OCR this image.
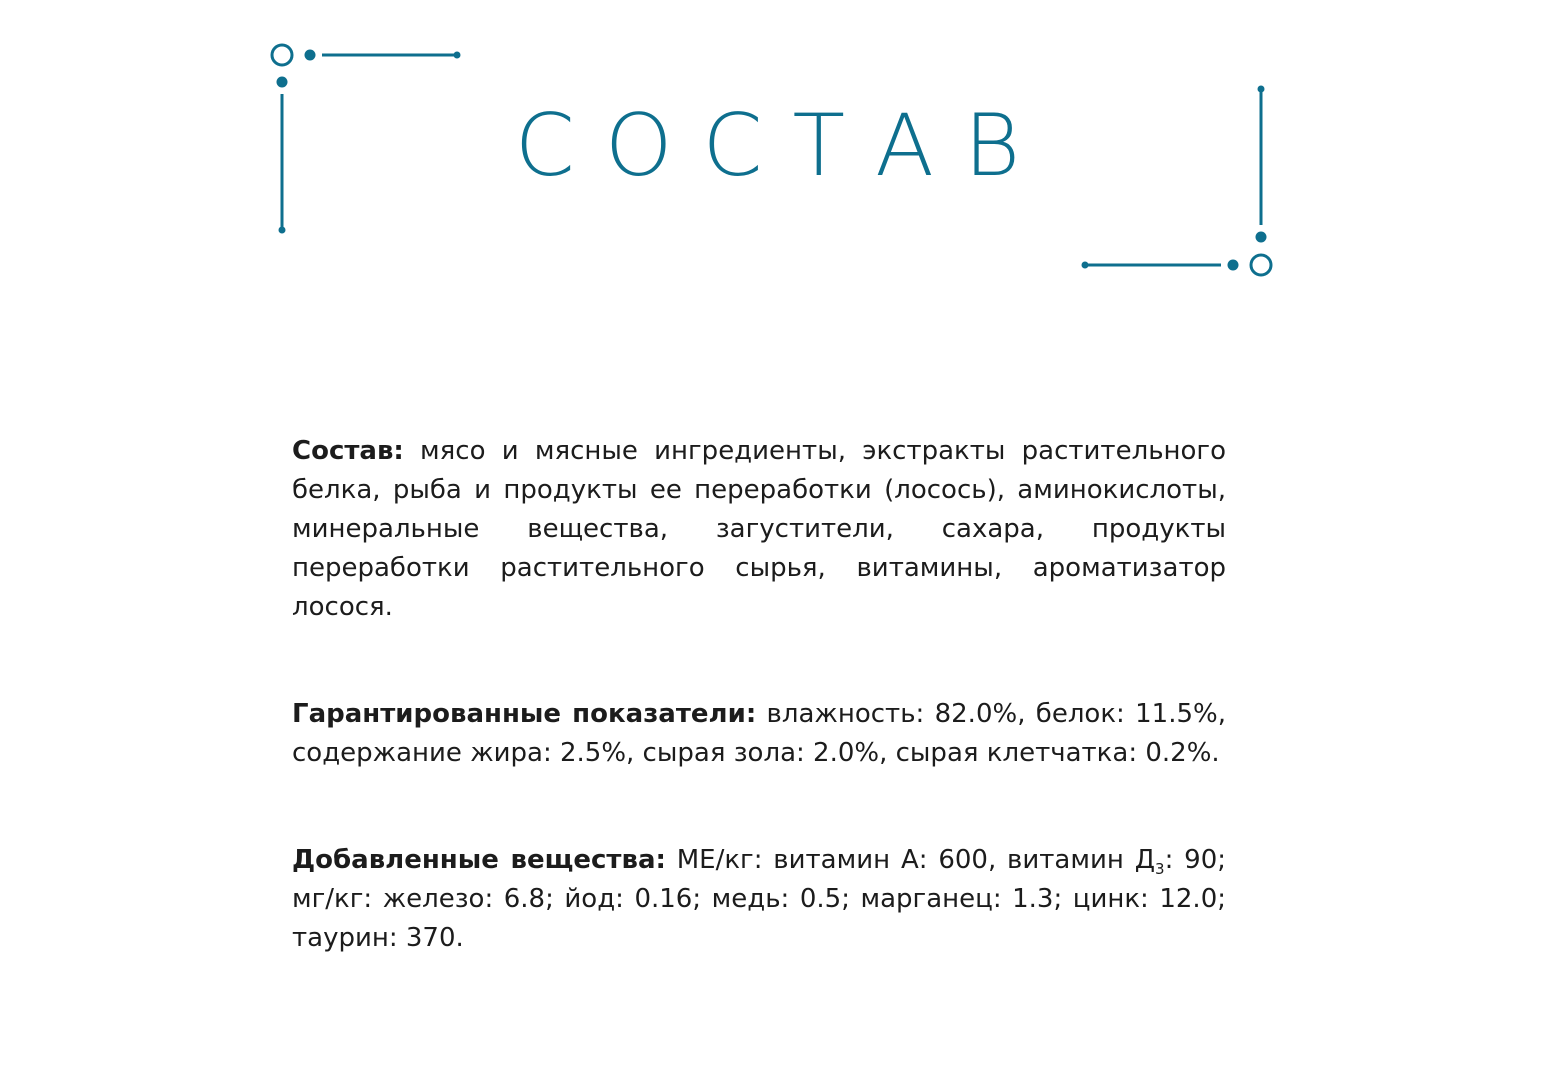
СОСТАВ

Состав: мясо и мясные ингредиенты, экстракты растительного белка, рыба и продукты ее переработки (лосось), аминокислоты, минеральные вещества, загустители, сахара, продукты переработки растительного сырья, витамины, ароматизатор лосося.

Гарантированные показатели: влажность: 82.0%, белок: 11.5%, содержание жира: 2.5%, сырая зола: 2.0%, сырая клетчатка: 0.2%.

Добавленные вещества: МЕ/кг: витамин А: 600, витамин $Д_3$: 90; мг/кг: железо: 6.8; йод: 0.16; медь: 0.5; марганец: 1.3; цинк: 12.0; таурин: 370.
